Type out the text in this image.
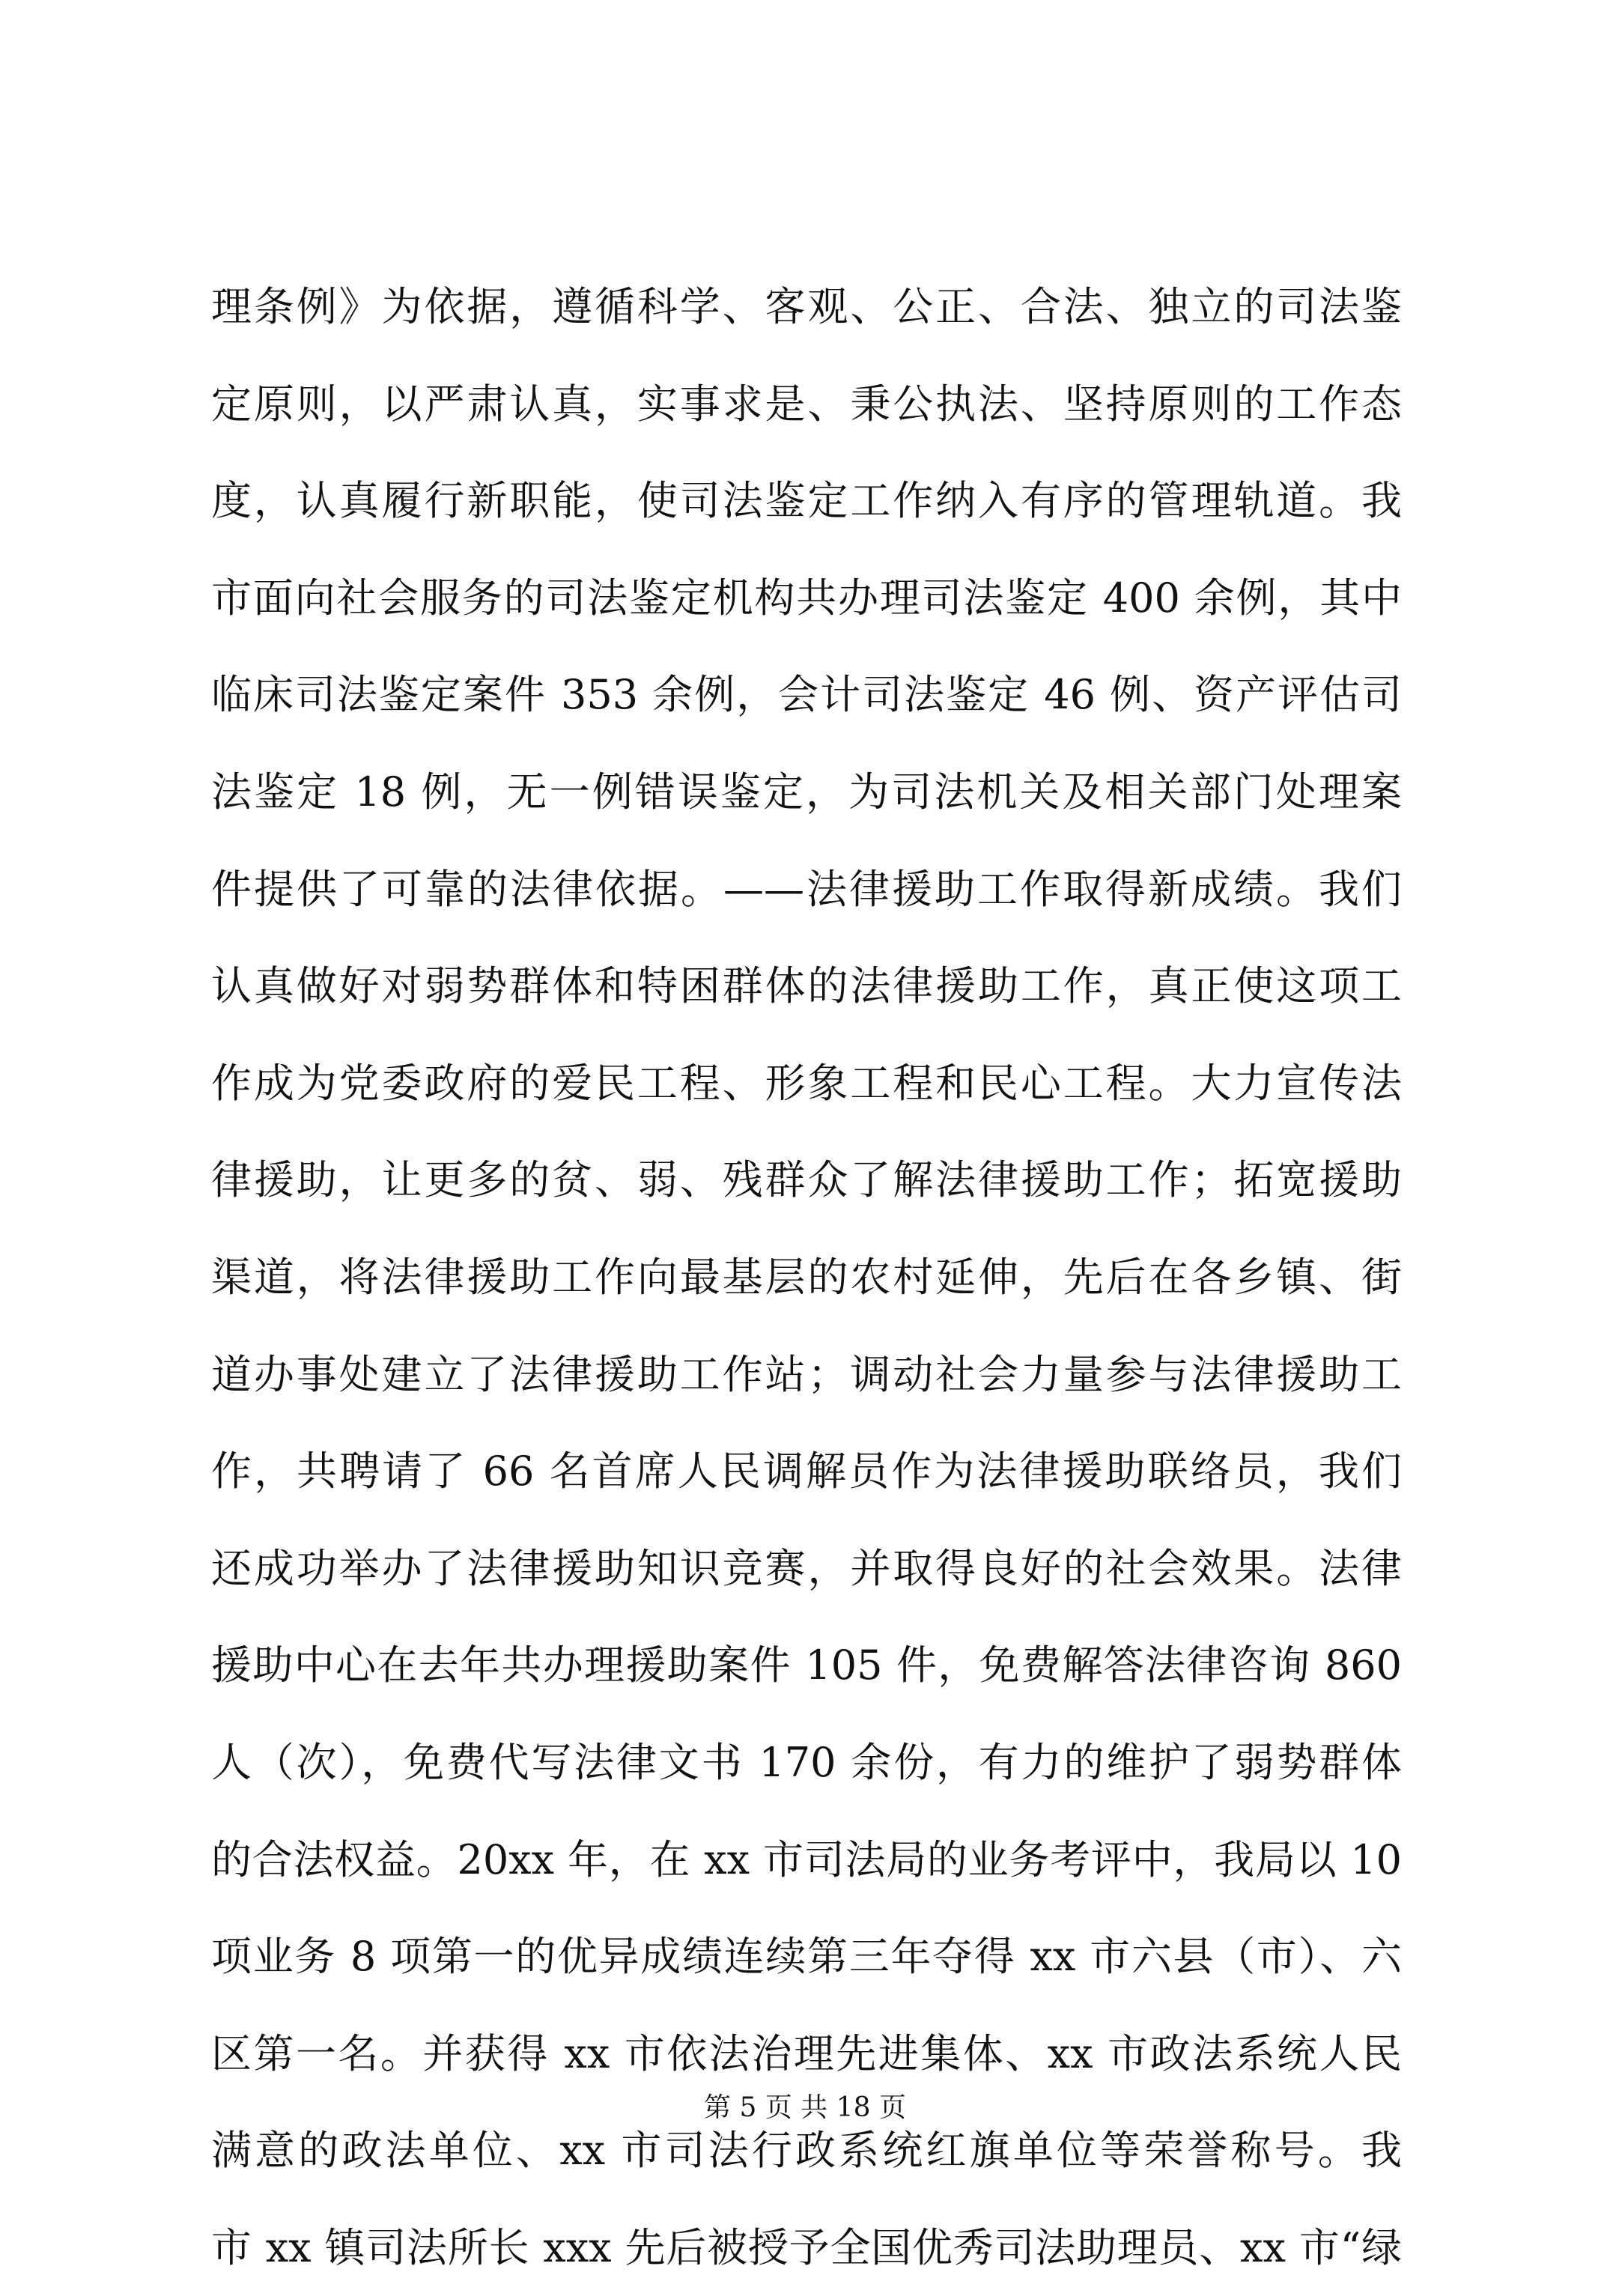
理条例》为依据，遵循科学、客观、公正、合法、独立的司法鉴
定原则，以严肃认真，实事求是、秉公执法、坚持原则的工作态
度，认真履行新职能，使司法鉴定工作纳入有序的管理轨道。我
市面向社会服务的司法鉴定机构共办理司法鉴定 400 余例，其中
临床司法鉴定案件 353 余例，会计司法鉴定 46 例、资产评估司
法鉴定 18 例，无一例错误鉴定，为司法机关及相关部门处理案
件提供了可靠的法律依据。——法律援助工作取得新成绩。我们
认真做好对弱势群体和特困群体的法律援助工作，真正使这项工
作成为党委政府的爱民工程、形象工程和民心工程。大力宣传法
律援助，让更多的贫、弱、残群众了解法律援助工作；拓宽援助
渠道，将法律援助工作向最基层的农村延伸，先后在各乡镇、街
道办事处建立了法律援助工作站；调动社会力量参与法律援助工
作，共聘请了 66 名首席人民调解员作为法律援助联络员，我们
还成功举办了法律援助知识竞赛，并取得良好的社会效果。法律
援助中心在去年共办理援助案件 105 件，免费解答法律咨询 860
人（次），免费代写法律文书 170 余份，有力的维护了弱势群体
的合法权益。20xx 年，在 xx 市司法局的业务考评中，我局以 10
项业务 8 项第一的优异成绩连续第三年夺得 xx 市六县（市）、六
区第一名。并获得 xx 市依法治理先进集体、xx 市政法系统人民
满意的政法单位、xx 市司法行政系统红旗单位等荣誉称号。我
市 xx 镇司法所长 xxx 先后被授予全国优秀司法助理员、xx 市“绿
第 5 页 共 18 页
